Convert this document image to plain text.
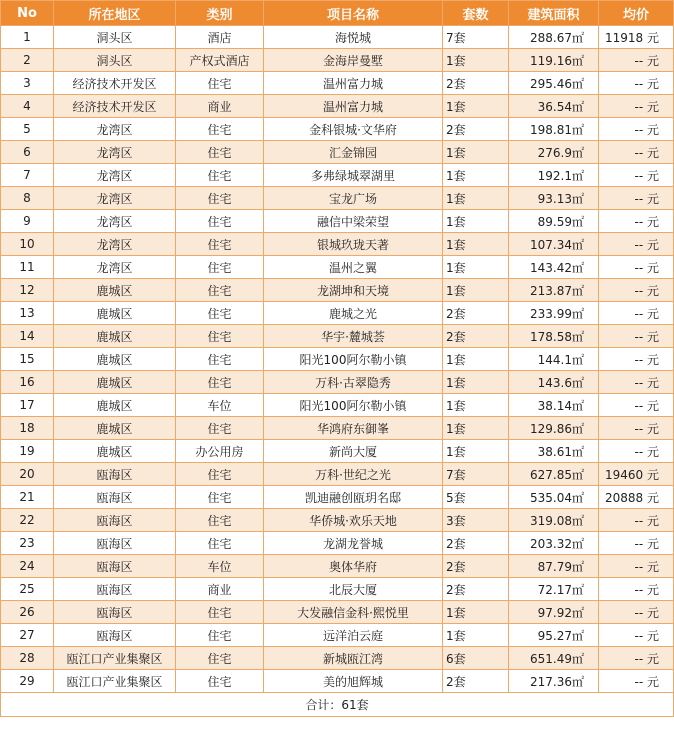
No	所在地区	类别	项目名称	套数	建筑面积	均价
1	洞头区	酒店	海悦城	7套	288.67㎡	11918 元
2	洞头区	产权式酒店	金海岸曼墅	1套	119.16㎡	-- 元
3	经济技术开发区	住宅	温州富力城	2套	295.46㎡	-- 元
4	经济技术开发区	商业	温州富力城	1套	36.54㎡	-- 元
5	龙湾区	住宅	金科银城·文华府	2套	198.81㎡	-- 元
6	龙湾区	住宅	汇金锦园	1套	276.9㎡	-- 元
7	龙湾区	住宅	多弗绿城翠湖里	1套	192.1㎡	-- 元
8	龙湾区	住宅	宝龙广场	1套	93.13㎡	-- 元
9	龙湾区	住宅	融信中梁荣望	1套	89.59㎡	-- 元
10	龙湾区	住宅	银城玖珑天著	1套	107.34㎡	-- 元
11	龙湾区	住宅	温州之翼	1套	143.42㎡	-- 元
12	鹿城区	住宅	龙湖坤和天境	1套	213.87㎡	-- 元
13	鹿城区	住宅	鹿城之光	2套	233.99㎡	-- 元
14	鹿城区	住宅	华宇·麓城荟	2套	178.58㎡	-- 元
15	鹿城区	住宅	阳光100阿尔勒小镇	1套	144.1㎡	-- 元
16	鹿城区	住宅	万科·古翠隐秀	1套	143.6㎡	-- 元
17	鹿城区	车位	阳光100阿尔勒小镇	1套	38.14㎡	-- 元
18	鹿城区	住宅	华鸿府东御峯	1套	129.86㎡	-- 元
19	鹿城区	办公用房	新尚大厦	1套	38.61㎡	-- 元
20	瓯海区	住宅	万科·世纪之光	7套	627.85㎡	19460 元
21	瓯海区	住宅	凯迪融创瓯玥名邸	5套	535.04㎡	20888 元
22	瓯海区	住宅	华侨城·欢乐天地	3套	319.08㎡	-- 元
23	瓯海区	住宅	龙湖龙誉城	2套	203.32㎡	-- 元
24	瓯海区	车位	奥体华府	2套	87.79㎡	-- 元
25	瓯海区	商业	北辰大厦	2套	72.17㎡	-- 元
26	瓯海区	住宅	大发融信金科·熙悦里	1套	97.92㎡	-- 元
27	瓯海区	住宅	远洋泊云庭	1套	95.27㎡	-- 元
28	瓯江口产业集聚区	住宅	新城瓯江湾	6套	651.49㎡	-- 元
29	瓯江口产业集聚区	住宅	美的旭辉城	2套	217.36㎡	-- 元
合计：61套						
